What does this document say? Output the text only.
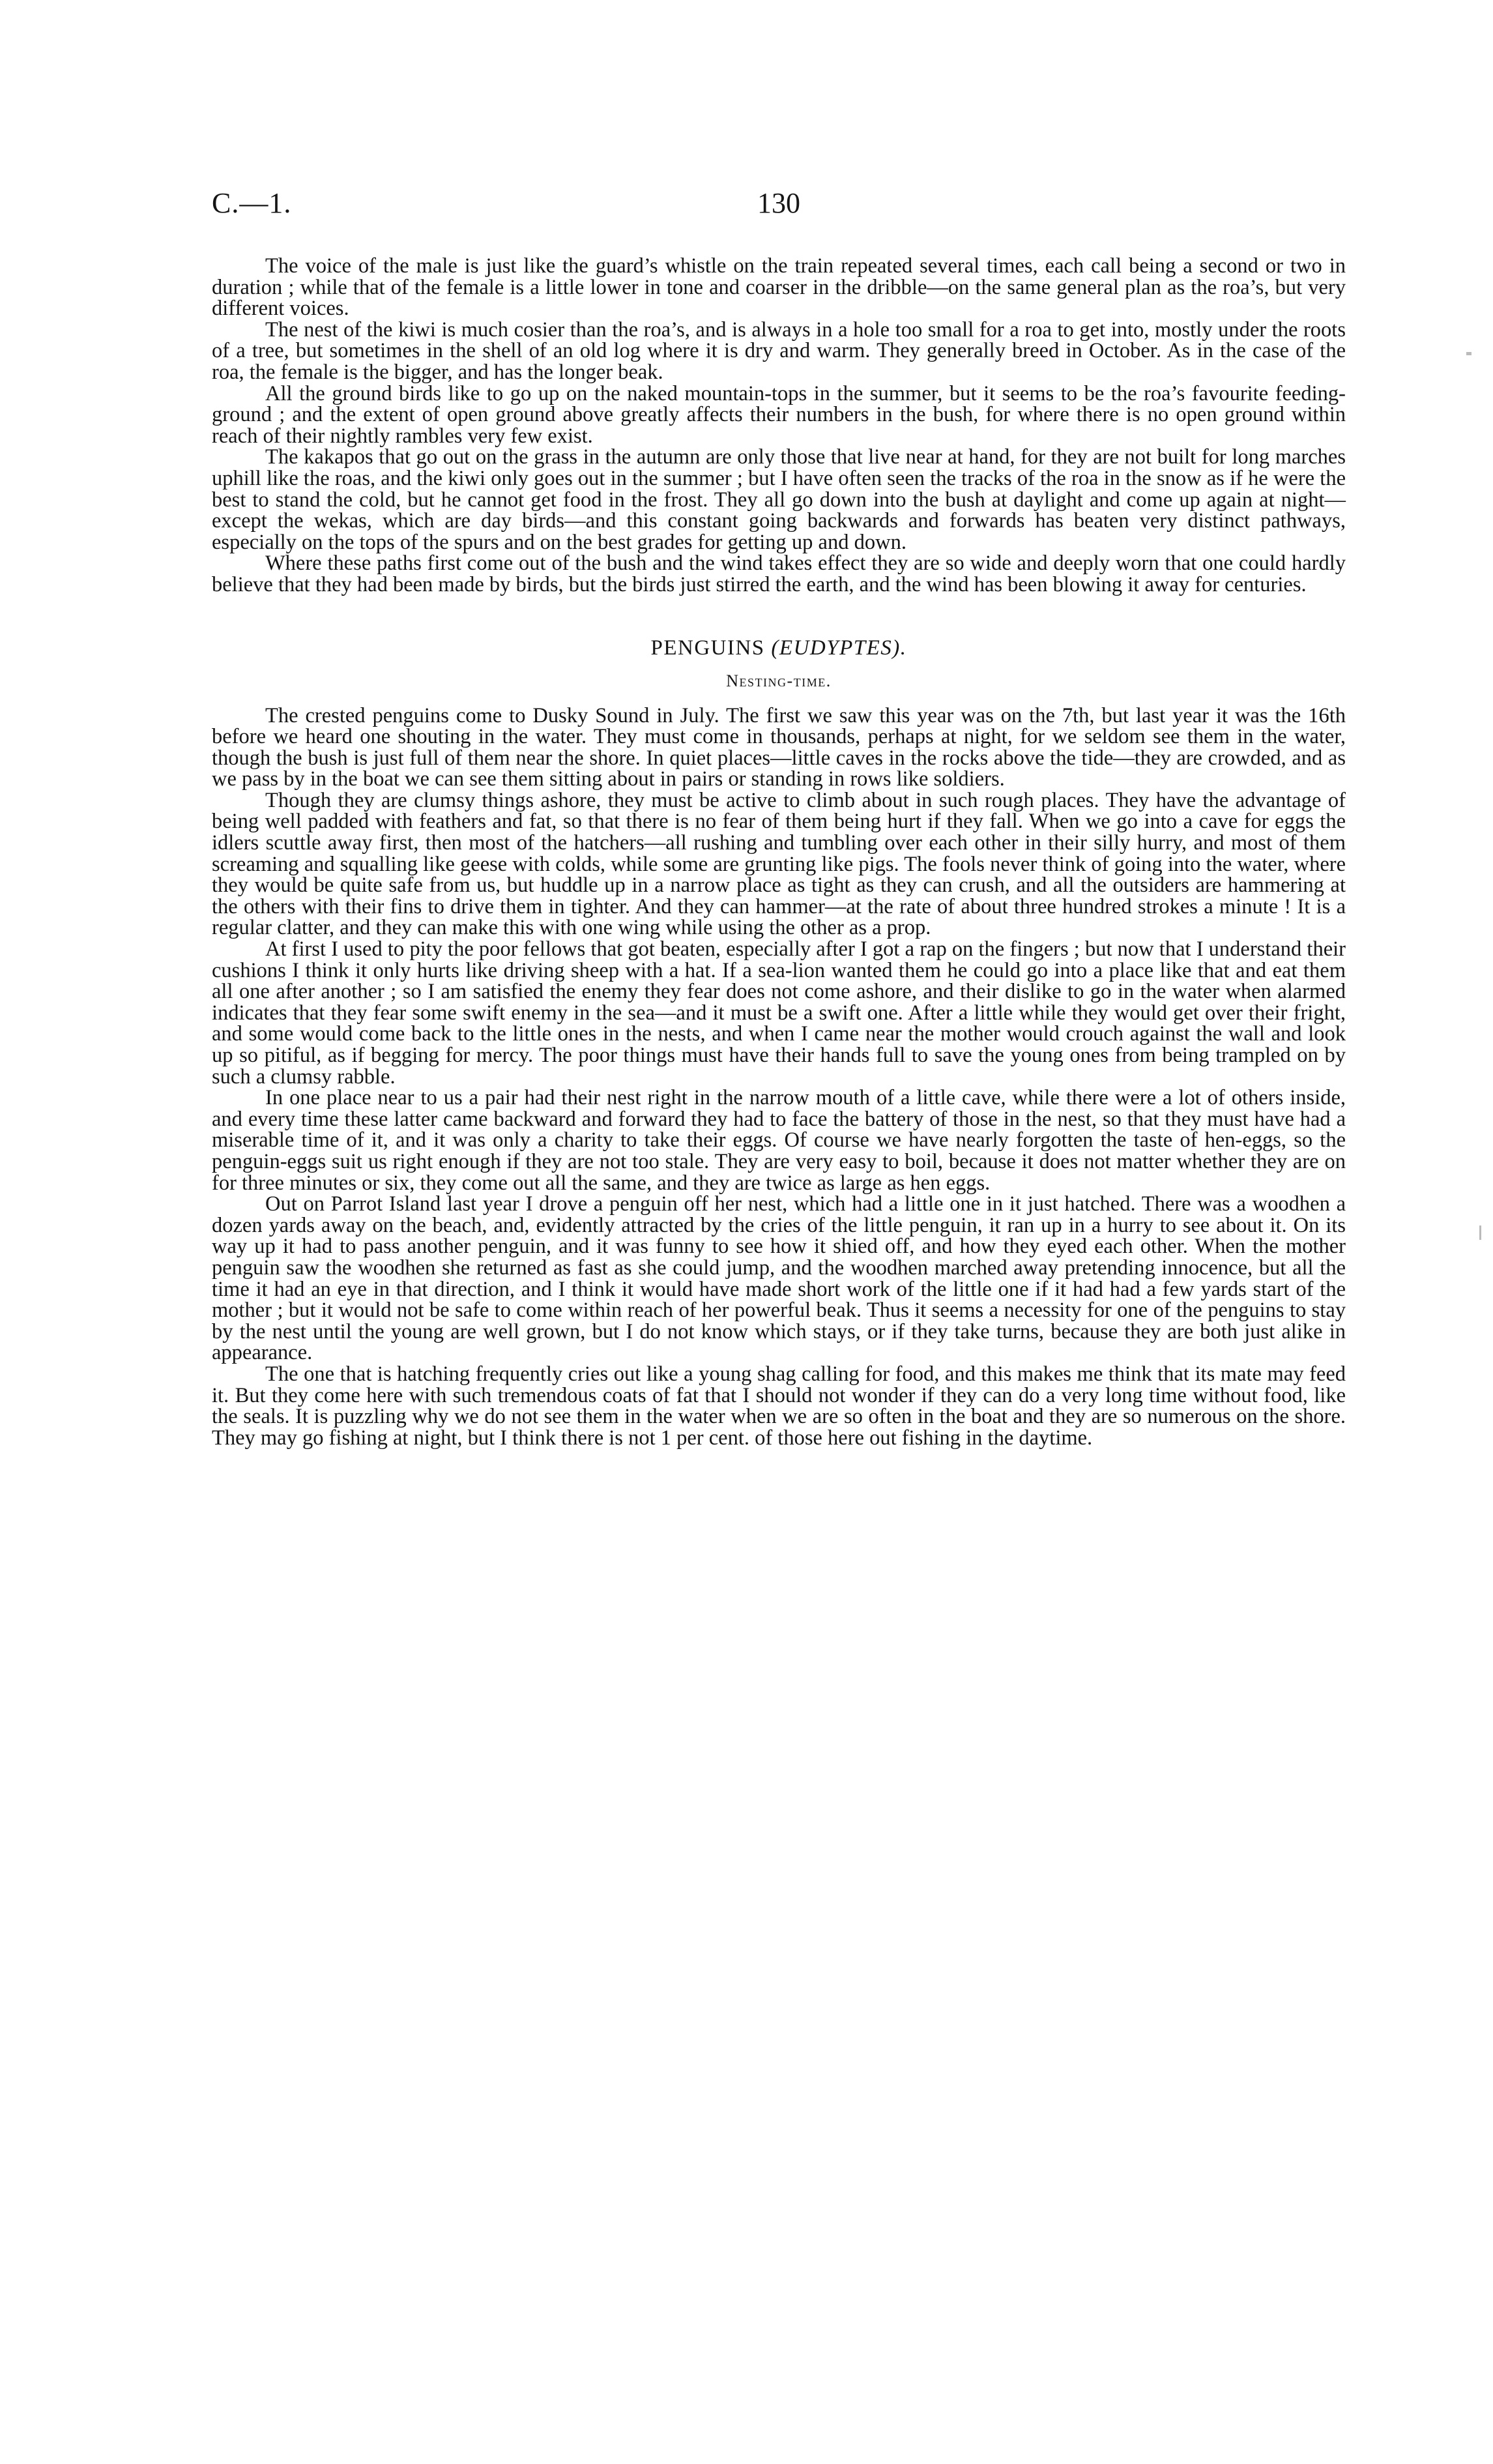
C.—1.	130

The voice of the male is just like the guard’s whistle on the train repeated several times, each call being a second or two in duration ; while that of the female is a little lower in tone and coarser in the dribble—on the same general plan as the roa’s, but very different voices.

The nest of the kiwi is much cosier than the roa’s, and is always in a hole too small for a roa to get into, mostly under the roots of a tree, but sometimes in the shell of an old log where it is dry and warm. They generally breed in October. As in the case of the roa, the female is the bigger, and has the longer beak.

All the ground birds like to go up on the naked mountain-tops in the summer, but it seems to be the roa’s favourite feeding-ground ; and the extent of open ground above greatly affects their numbers in the bush, for where there is no open ground within reach of their nightly rambles very few exist.

The kakapos that go out on the grass in the autumn are only those that live near at hand, for they are not built for long marches uphill like the roas, and the kiwi only goes out in the summer ; but I have often seen the tracks of the roa in the snow as if he were the best to stand the cold, but he cannot get food in the frost. They all go down into the bush at daylight and come up again at night—except the wekas, which are day birds—and this constant going backwards and forwards has beaten very distinct pathways, especially on the tops of the spurs and on the best grades for getting up and down.

Where these paths first come out of the bush and the wind takes effect they are so wide and deeply worn that one could hardly believe that they had been made by birds, but the birds just stirred the earth, and the wind has been blowing it away for centuries.

PENGUINS (EUDYPTES).
Nesting-time.

The crested penguins come to Dusky Sound in July. The first we saw this year was on the 7th, but last year it was the 16th before we heard one shouting in the water. They must come in thousands, perhaps at night, for we seldom see them in the water, though the bush is just full of them near the shore. In quiet places—little caves in the rocks above the tide—they are crowded, and as we pass by in the boat we can see them sitting about in pairs or standing in rows like soldiers.

Though they are clumsy things ashore, they must be active to climb about in such rough places. They have the advantage of being well padded with feathers and fat, so that there is no fear of them being hurt if they fall. When we go into a cave for eggs the idlers scuttle away first, then most of the hatchers—all rushing and tumbling over each other in their silly hurry, and most of them screaming and squalling like geese with colds, while some are grunting like pigs. The fools never think of going into the water, where they would be quite safe from us, but huddle up in a narrow place as tight as they can crush, and all the outsiders are hammering at the others with their fins to drive them in tighter. And they can hammer—at the rate of about three hundred strokes a minute ! It is a regular clatter, and they can make this with one wing while using the other as a prop.

At first I used to pity the poor fellows that got beaten, especially after I got a rap on the fingers ; but now that I understand their cushions I think it only hurts like driving sheep with a hat. If a sea-lion wanted them he could go into a place like that and eat them all one after another ; so I am satisfied the enemy they fear does not come ashore, and their dislike to go in the water when alarmed indicates that they fear some swift enemy in the sea—and it must be a swift one. After a little while they would get over their fright, and some would come back to the little ones in the nests, and when I came near the mother would crouch against the wall and look up so pitiful, as if begging for mercy. The poor things must have their hands full to save the young ones from being trampled on by such a clumsy rabble.

In one place near to us a pair had their nest right in the narrow mouth of a little cave, while there were a lot of others inside, and every time these latter came backward and forward they had to face the battery of those in the nest, so that they must have had a miserable time of it, and it was only a charity to take their eggs. Of course we have nearly forgotten the taste of hen-eggs, so the penguin-eggs suit us right enough if they are not too stale. They are very easy to boil, because it does not matter whether they are on for three minutes or six, they come out all the same, and they are twice as large as hen eggs.

Out on Parrot Island last year I drove a penguin off her nest, which had a little one in it just hatched. There was a woodhen a dozen yards away on the beach, and, evidently attracted by the cries of the little penguin, it ran up in a hurry to see about it. On its way up it had to pass another penguin, and it was funny to see how it shied off, and how they eyed each other. When the mother penguin saw the woodhen she returned as fast as she could jump, and the woodhen marched away pretending innocence, but all the time it had an eye in that direction, and I think it would have made short work of the little one if it had had a few yards start of the mother ; but it would not be safe to come within reach of her powerful beak. Thus it seems a necessity for one of the penguins to stay by the nest until the young are well grown, but I do not know which stays, or if they take turns, because they are both just alike in appearance.

The one that is hatching frequently cries out like a young shag calling for food, and this makes me think that its mate may feed it. But they come here with such tremendous coats of fat that I should not wonder if they can do a very long time without food, like the seals. It is puzzling why we do not see them in the water when we are so often in the boat and they are so numerous on the shore. They may go fishing at night, but I think there is not 1 per cent. of those here out fishing in the daytime.
